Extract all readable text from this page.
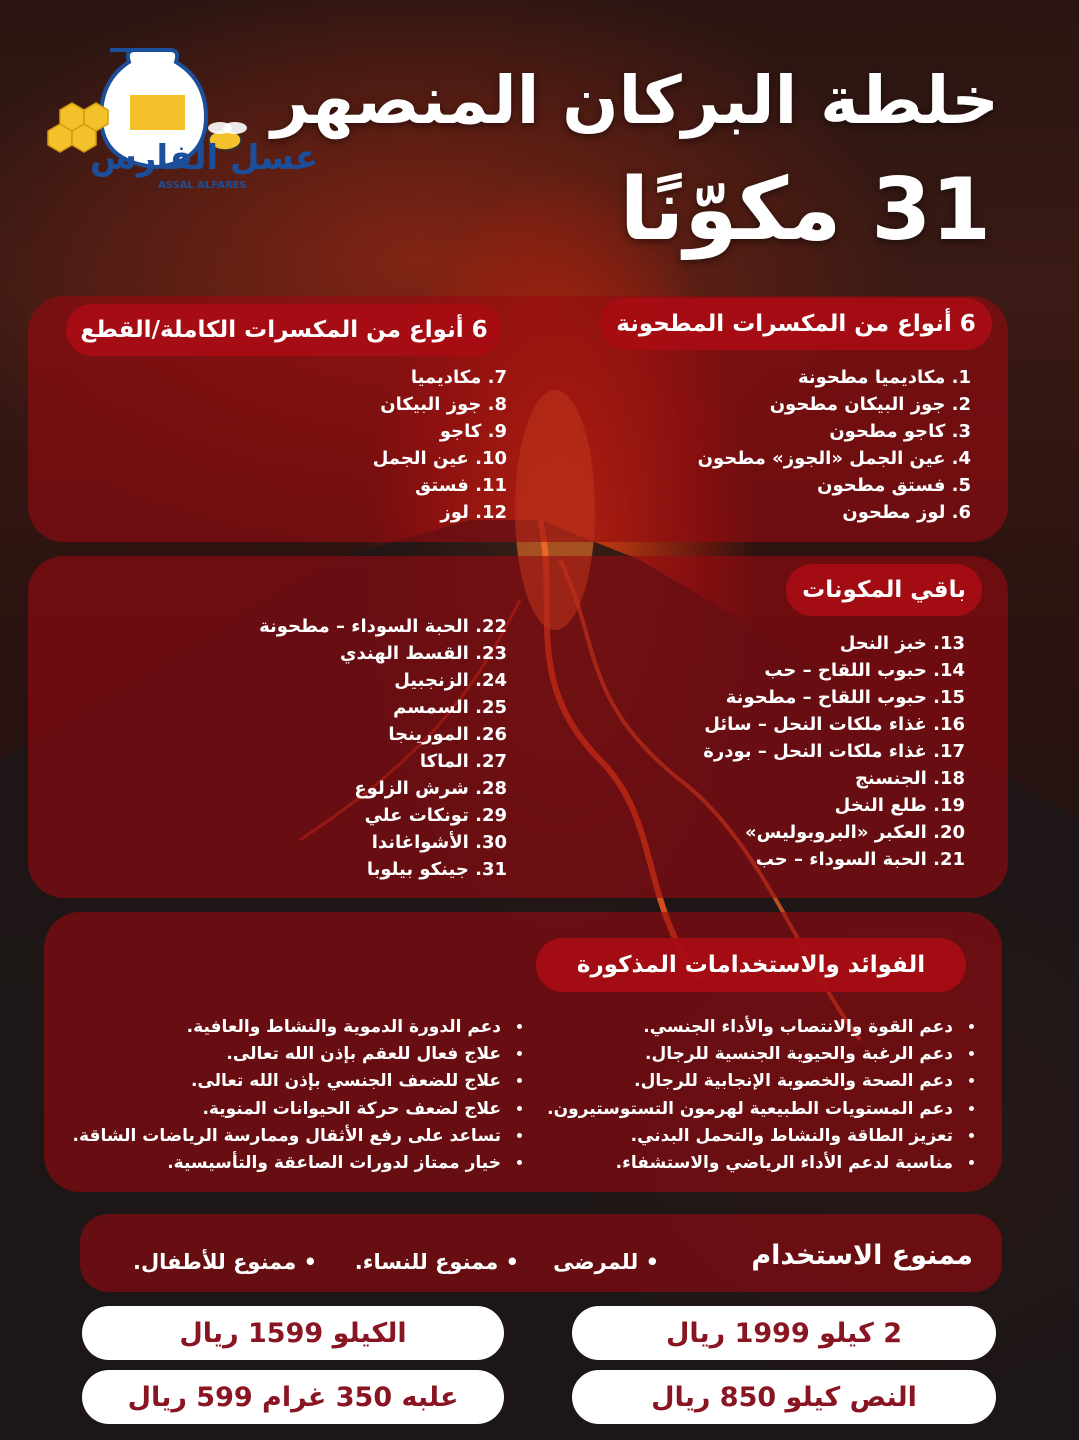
عسل الفارس
ASSAL ALFARES
خلطة البركان المنصهر
31 مكوّنًا
6 أنواع من المكسرات المطحونة
6 أنواع من المكسرات الكاملة/القطع
1. مكاديميا مطحونة
2. جوز البيكان مطحون
3. كاجو مطحون
4. عين الجمل «الجوز» مطحون
5. فستق مطحون
6. لوز مطحون
7. مكاديميا
8. جوز البيكان
9. كاجو
10. عين الجمل
11. فستق
12. لوز
باقي المكونات
13. خبز النحل
14. حبوب اللقاح – حب
15. حبوب اللقاح – مطحونة
16. غذاء ملكات النحل – سائل
17. غذاء ملكات النحل – بودرة
18. الجنسنج
19. طلع النخل
20. العكبر «البروبوليس»
21. الحبة السوداء – حب
22. الحبة السوداء – مطحونة
23. القسط الهندي
24. الزنجبيل
25. السمسم
26. المورينجا
27. الماكا
28. شرش الزلوع
29. تونكات علي
30. الأشواغاندا
31. جينكو بيلوبا
الفوائد والاستخدامات المذكورة
• دعم القوة والانتصاب والأداء الجنسي.
• دعم الرغبة والحيوية الجنسية للرجال.
• دعم الصحة والخصوبة الإنجابية للرجال.
• دعم المستويات الطبيعية لهرمون التستوستيرون.
• تعزيز الطاقة والنشاط والتحمل البدني.
• مناسبة لدعم الأداء الرياضي والاستشفاء.
• دعم الدورة الدموية والنشاط والعافية.
• علاج فعال للعقم بإذن الله تعالى.
• علاج للضعف الجنسي بإذن الله تعالى.
• علاج لضعف حركة الحيوانات المنوية.
• تساعد على رفع الأثقال وممارسة الرياضات الشاقة.
• خيار ممتاز لدورات الصاعقة والتأسيسية.
ممنوع الاستخدام
• للمرضى
• ممنوع للنساء.
• ممنوع للأطفال.
2 كيلو 1999 ريال
الكيلو 1599 ريال
النص كيلو 850 ريال
علبه 350 غرام 599 ريال
